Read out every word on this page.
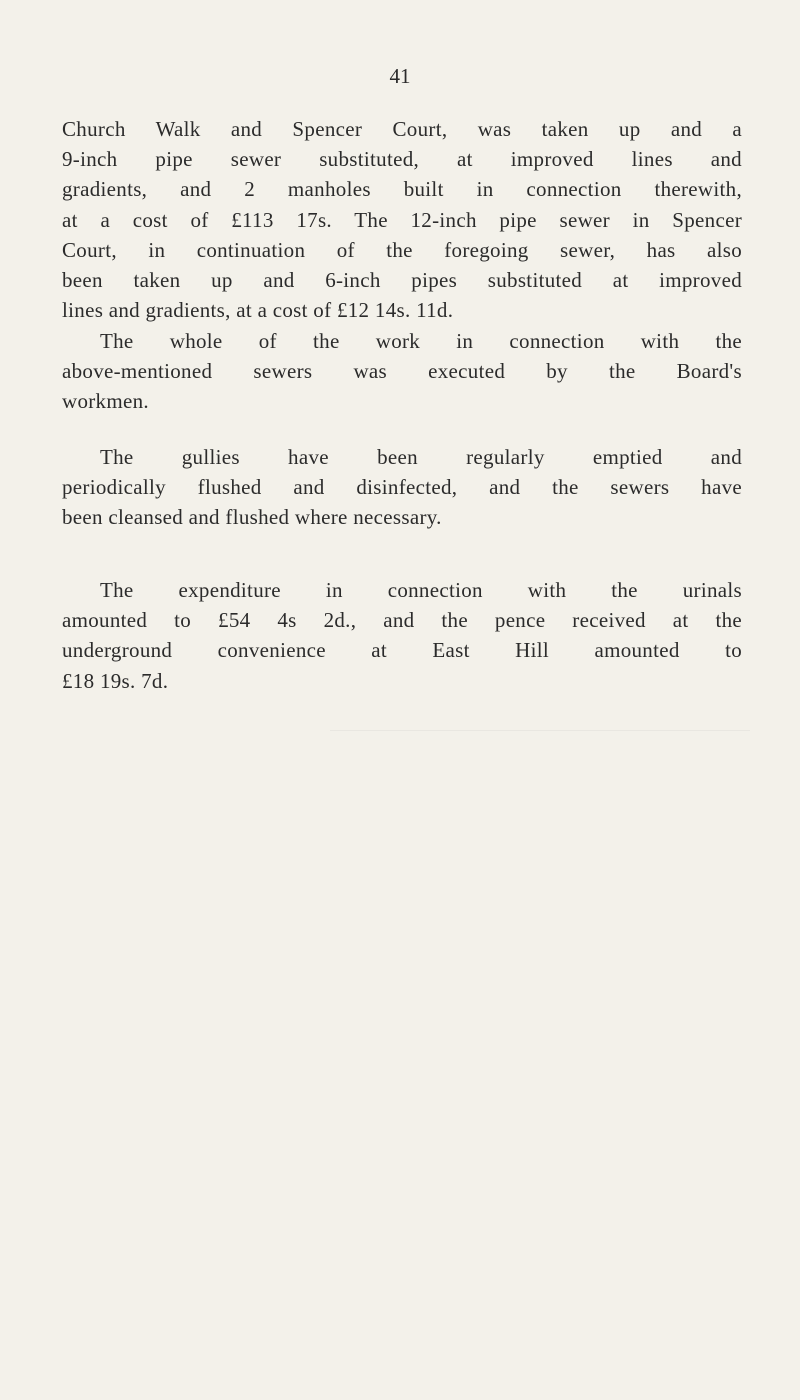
41
Church Walk and Spencer Court, was taken up and a
9-inch pipe sewer substituted, at improved lines and
gradients, and 2 manholes built in connection therewith,
at a cost of £113 17s. The 12-inch pipe sewer in Spencer
Court, in continuation of the foregoing sewer, has also
been taken up and 6-inch pipes substituted at improved
lines and gradients, at a cost of £12 14s. 11d.
The whole of the work in connection with the
above-mentioned sewers was executed by the Board's
workmen.
The gullies have been regularly emptied and
periodically flushed and disinfected, and the sewers have
been cleansed and flushed where necessary.
The expenditure in connection with the urinals
amounted to £54 4s 2d., and the pence received at the
underground convenience at East Hill amounted to
£18 19s. 7d.
